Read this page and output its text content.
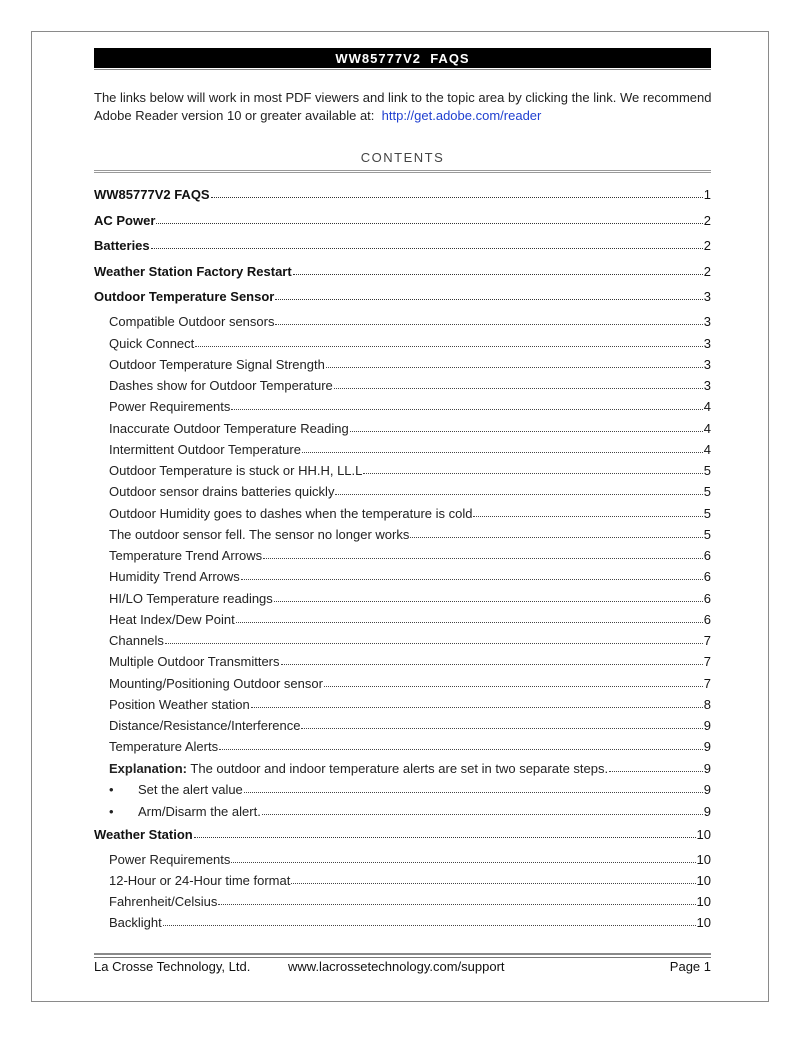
WW85777V2  FAQS
The links below will work in most PDF viewers and link to the topic area by clicking the link. We recommend Adobe Reader version 10 or greater available at: http://get.adobe.com/reader
CONTENTS
WW85777V2 FAQS	1
AC Power	2
Batteries	2
Weather Station Factory Restart	2
Outdoor Temperature Sensor	3
Compatible Outdoor sensors	3
Quick Connect	3
Outdoor Temperature Signal Strength	3
Dashes show for Outdoor Temperature	3
Power Requirements	4
Inaccurate Outdoor Temperature Reading	4
Intermittent Outdoor Temperature	4
Outdoor Temperature is stuck or HH.H, LL.L	5
Outdoor sensor drains batteries quickly	5
Outdoor Humidity goes to dashes when the temperature is cold	5
The outdoor sensor fell. The sensor no longer works	5
Temperature Trend Arrows	6
Humidity Trend Arrows	6
HI/LO Temperature readings	6
Heat Index/Dew Point	6
Channels	7
Multiple Outdoor Transmitters	7
Mounting/Positioning Outdoor sensor	7
Position Weather station	8
Distance/Resistance/Interference	9
Temperature Alerts	9
Explanation: The outdoor and indoor temperature alerts are set in two separate steps.	9
• Set the alert value	9
• Arm/Disarm the alert.	9
Weather Station	10
Power Requirements	10
12-Hour or 24-Hour time format	10
Fahrenheit/Celsius	10
Backlight	10
La Crosse Technology, Ltd.	www.lacrossetechnology.com/support	Page 1
